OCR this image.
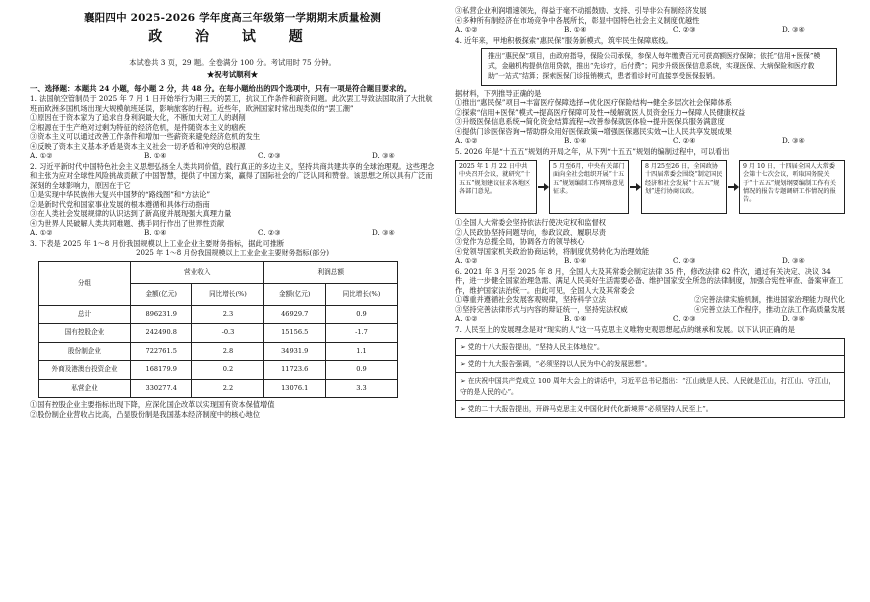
襄阳四中 2025-2026 学年度高三年级第一学期期末质量检测
政 治 试 题
本试卷共 3 页，29 题。全卷满分 100 分。考试用时 75 分钟。
★祝考试顺利★
一、选择题：本题共 24 小题，每小题 2 分，共 48 分。在每小题给出的四个选项中，只有一项是符合题目要求的。

1. 法国航空管制员于 2025 年 7 月 1 日开始举行为期三天的罢工，抗议工作条件和薪资问题。此次罢工导致法国取消了大批航班而欧洲多国机场出现大规模航班延误，影响旅客的行程。近些年，欧洲国家时常出现类似的“罢工潮”

①原因在于资本家为了追求自身利润最大化，不断加大对工人的剥削

②根源在于生产绝对过剩为特征的经济危机，是件随资本主义的痼疾

③资本主义可以通过改善工作条件和增加一些薪资来避免经济危机的发生

④反映了资本主义基本矛盾是资本主义社会一切矛盾和冲突的总根源

A. ①②	B. ①④	C. ②③	D. ③④

2. 习近平新时代中国特色社会主义思想弘扬全人类共同价值，践行真正的多边主义，坚持共商共建共享的全球治理观。这些理念和主张为应对全球性风险挑战贡献了中国智慧，提供了中国方案，赢得了国际社会的广泛认同和赞誉。该思想之所以具有广泛而深刻的全球影响力，原因在于它

①是实现中华民族伟大复兴中国梦的“路线图”和“方法论”

②是新时代党和国家事业发展的根本遵循和具体行动指南

③在人类社会发展规律的认识达到了新高度并展现强大真理力量

④为世界人民破解人类共同难题、携手同行作出了世界性贡献

A. ①②	B. ①④	C. ②③	D. ③④

3. 下表是 2025 年 1～8 月份我国规模以上工业企业主要财务指标，据此可推断

2025 年 1～8 月份我国规模以上工业企业主要财务指标(部分)
分组	营业收入		利润总额	
	金额(亿元)	同比增长(%)	金额(亿元)	同比增长(%)
总计	896231.9	2.3	46929.7	0.9
国有控股企业	242490.8	-0.3	15156.5	-1.7
股份制企业	722761.5	2.8	34931.9	1.1
外商及港澳台投资企业	168179.9	0.2	11723.6	0.9
私营企业	330277.4	2.2	13076.1	3.3

①国有控股企业主要指标出现下降，应深化国企改革以实现国有资本保值增值

②股份制企业营收占比高，凸显股份制是我国基本经济制度中的核心地位

③私营企业利润增速领先，得益于毫不动摇鼓励、支持、引导非公有制经济发展

④多种所有制经济在市场竞争中各展所长，彰显中国特色社会主义制度优越性

A. ①②	B. ①④	C. ②③	D. ③④

4. 近年来，甲地积极探索“惠民保”服务新模式，筑牢民生保障底线。

推出“惠民保”项目，由政府指导，保险公司承保，参保人每年缴费百元可获高额医疗保障；依托“信用+医保”模式，金融机构提供信用贷款，推出“先诊疗，后付费”；同步升级医保信息系统，实现医保、大病保险和医疗救助“一站式”结算；探索医保门诊报销模式，患者看诊时可直接享受医保报销。

据材料，下列推导正确的是

①推出“惠民保”项目→丰富医疗保障选择→优化医疗保险结构→健全多层次社会保障体系

②探索“信用+医保”模式→提高医疗保障可及性→缓解就医人员资金压力→保障人民健康权益

③升级医保信息系统→简化资金结算流程→改善参保就医体验→提升医保兵服务满意度

④提供门诊医保咨询→帮助群众用好医保政策→增强医保惠民实效→让人民共享发展成果

A. ①②	B. ①④	C. ②④	D. ③④

5. 2026 年是“十五五”规划的开局之年，从下列“十五五”规划的编制过程中，可以看出

2025 年 1 月 22 日中共中央召开会议，就研究“十五五”规划建议征求各地区各部门意见。
5 月至6月，中央有关部门面向全社会组织开展“十五五”规划编制工作网络意见征求。
8 月25至26 日，全国政协十四届常委会围绕“制定国民经济和社会发展“十五五”规划”进行协商议政。
9 月 10 日，十四届全国人大常委会第十七次会议，听取国务院关于“十五五”规划纲要编制工作有关情况的报告专题调研工作情况的报告。

①全国人大常委会坚持依法行使决定权和监督权

②人民政协坚持问题导向，参政议政、履职尽责

③党作为总揽全局，协调各方的领导核心

④党领导国家机关政治协商运转，将制度优势转化为治理效能

A. ①②	B. ①④	C. ②③	D. ③④

6. 2021 年 3 月至 2025 年 8 月，全国人大及其常委会制定法律 35 件，修改法律 62 件次，通过有关决定、决议 34 件，进一步健全国家治理急需、满足人民美好生活需要必备、维护国家安全所急的法律制度，加强合宪性审查、备案审查工作，维护国家法治统一。由此可见，全国人大及其常委会

①尊重并遵循社会发展客观规律，坚持科学立法	②完善法律实施机制，推进国家治理能力现代化
③坚持完善法律形式与内容的辩证统一，坚持宪法权威	④完善立法工作程序，推动立法工作高质量发展
A. ①②	B. ①④	C. ②③	D. ③④

7. 人民至上的发展理念是对“现实的人”这一马克思主义唯物史观思想起点的继承和发展。以下认识正确的是

➢ 党的十八大报告提出，“坚持人民主体地位”。
➢ 党的十九大报告强调，“必须坚持以人民为中心的发展思想”。
➢ 在庆祝中国共产党成立 100 周年大会上的讲话中，习近平总书记指出：“江山就是人民、人民就是江山，打江山、守江山，守的是人民的心”。
➢ 党的二十大报告提出，开辟马克思主义中国化时代化新境界“必须坚持人民至上”。
